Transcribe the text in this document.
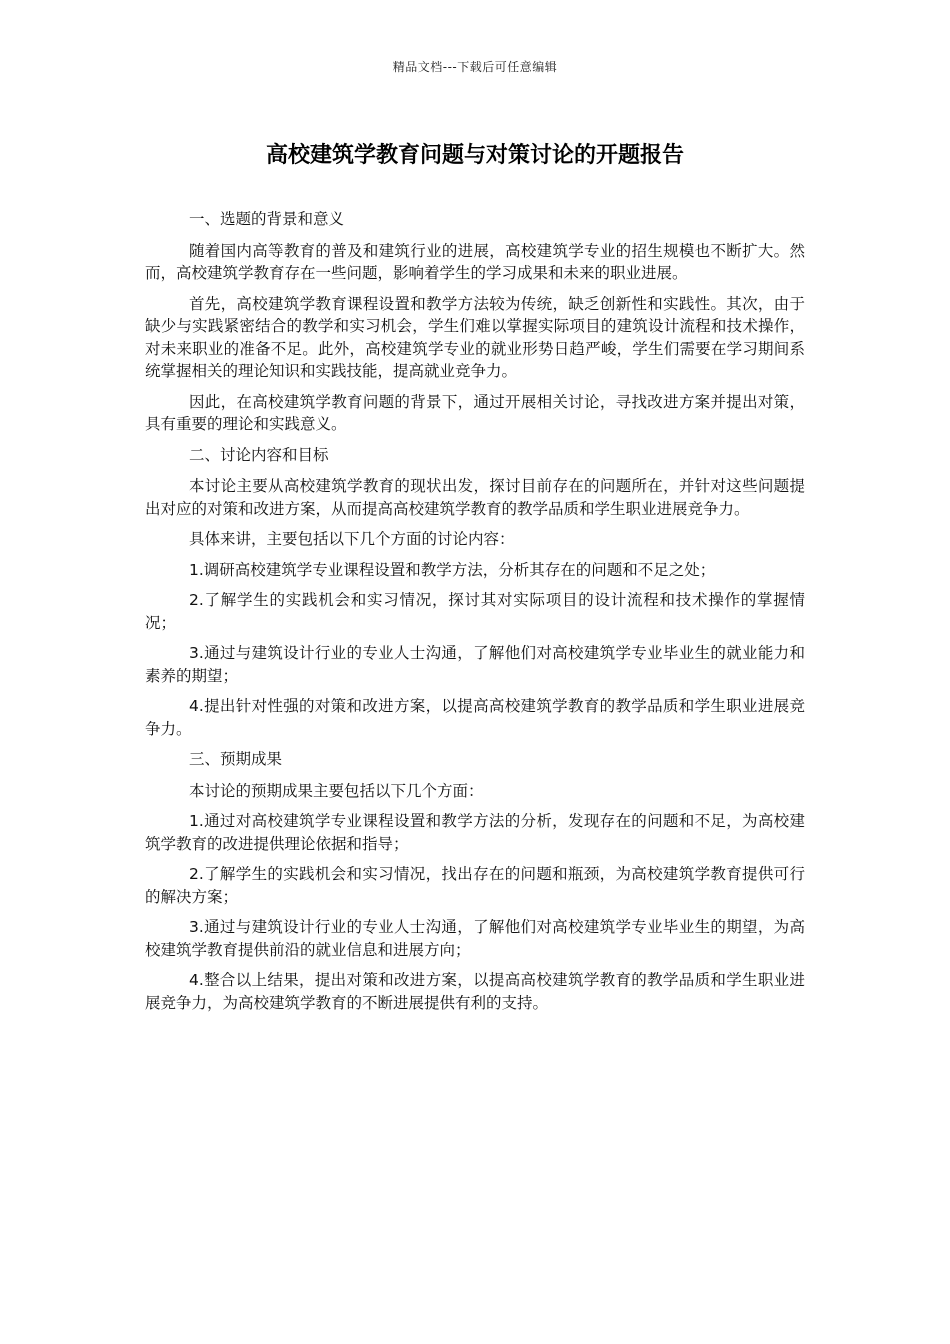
精品文档---下载后可任意编辑
高校建筑学教育问题与对策讨论的开题报告

一、选题的背景和意义

随着国内高等教育的普及和建筑行业的进展，高校建筑学专业的招生规模也不断扩大。然而，高校建筑学教育存在一些问题，影响着学生的学习成果和未来的职业进展。

首先，高校建筑学教育课程设置和教学方法较为传统，缺乏创新性和实践性。其次，由于缺少与实践紧密结合的教学和实习机会，学生们难以掌握实际项目的建筑设计流程和技术操作，对未来职业的准备不足。此外，高校建筑学专业的就业形势日趋严峻，学生们需要在学习期间系统掌握相关的理论知识和实践技能，提高就业竞争力。

因此，在高校建筑学教育问题的背景下，通过开展相关讨论，寻找改进方案并提出对策，具有重要的理论和实践意义。

二、讨论内容和目标

本讨论主要从高校建筑学教育的现状出发，探讨目前存在的问题所在，并针对这些问题提出对应的对策和改进方案，从而提高高校建筑学教育的教学品质和学生职业进展竞争力。

具体来讲，主要包括以下几个方面的讨论内容：

1.调研高校建筑学专业课程设置和教学方法，分析其存在的问题和不足之处；

2.了解学生的实践机会和实习情况，探讨其对实际项目的设计流程和技术操作的掌握情况；

3.通过与建筑设计行业的专业人士沟通，了解他们对高校建筑学专业毕业生的就业能力和素养的期望；

4.提出针对性强的对策和改进方案，以提高高校建筑学教育的教学品质和学生职业进展竞争力。

三、预期成果

本讨论的预期成果主要包括以下几个方面：

1.通过对高校建筑学专业课程设置和教学方法的分析，发现存在的问题和不足，为高校建筑学教育的改进提供理论依据和指导；

2.了解学生的实践机会和实习情况，找出存在的问题和瓶颈，为高校建筑学教育提供可行的解决方案；

3.通过与建筑设计行业的专业人士沟通，了解他们对高校建筑学专业毕业生的期望，为高校建筑学教育提供前沿的就业信息和进展方向；

4.整合以上结果，提出对策和改进方案，以提高高校建筑学教育的教学品质和学生职业进展竞争力，为高校建筑学教育的不断进展提供有利的支持。
